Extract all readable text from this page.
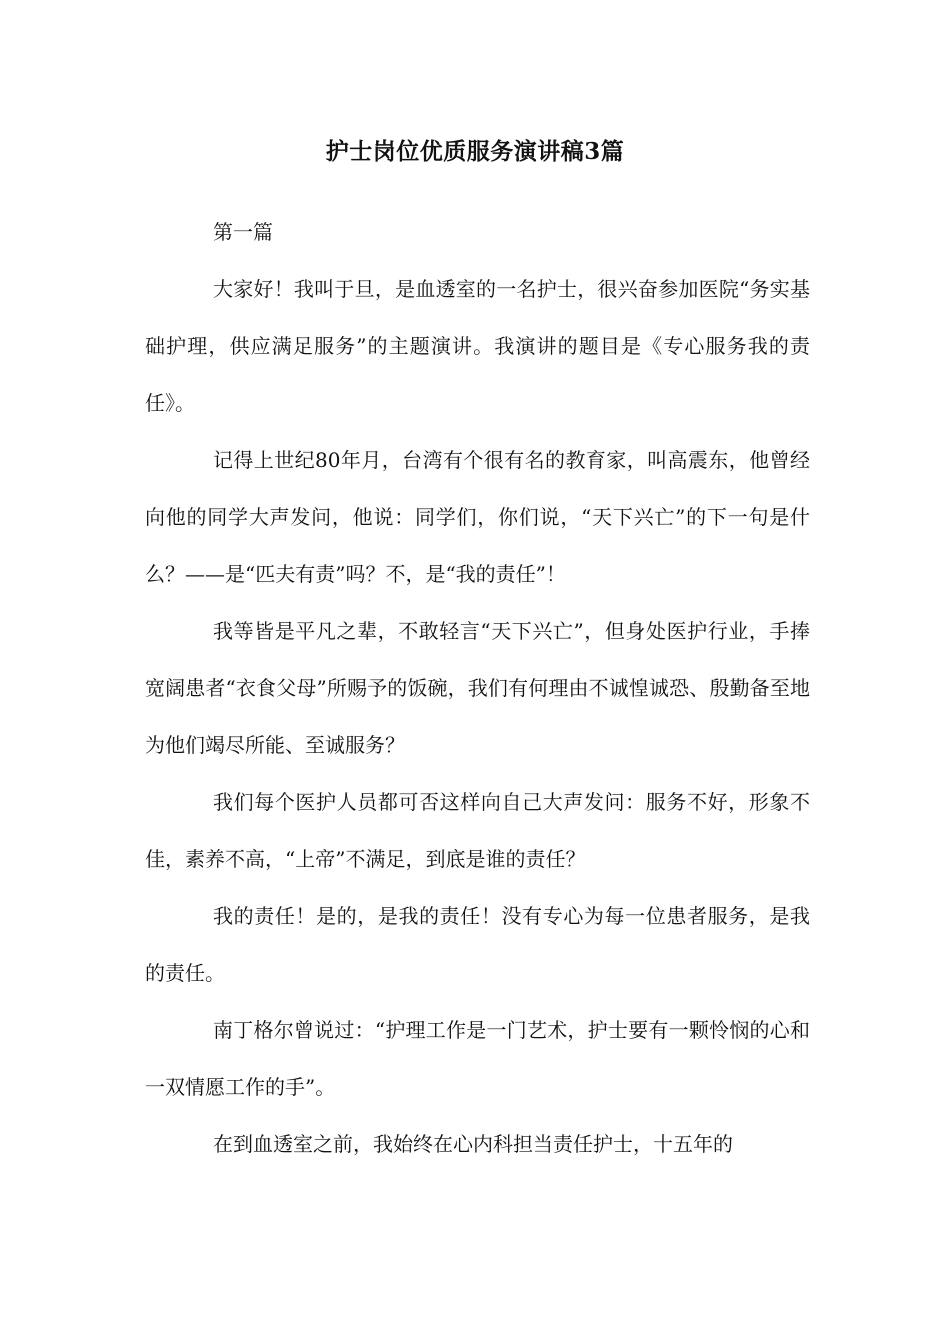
护士岗位优质服务演讲稿3篇

第一篇

大家好！我叫于旦，是血透室的一名护士，很兴奋参加医院“务实基础护理，供应满足服务”的主题演讲。我演讲的题目是《专心服务我的责任》。

记得上世纪80年月，台湾有个很有名的教育家，叫高震东，他曾经向他的同学大声发问，他说：同学们，你们说，“天下兴亡”的下一句是什么？——是“匹夫有责”吗？不，是“我的责任”！

我等皆是平凡之辈，不敢轻言“天下兴亡”，但身处医护行业，手捧宽阔患者“衣食父母”所赐予的饭碗，我们有何理由不诚惶诚恐、殷勤备至地为他们竭尽所能、至诚服务？

我们每个医护人员都可否这样向自己大声发问：服务不好，形象不佳，素养不高，“上帝”不满足，到底是谁的责任？

我的责任！是的，是我的责任！没有专心为每一位患者服务，是我的责任。

南丁格尔曾说过：“护理工作是一门艺术，护士要有一颗怜悯的心和一双情愿工作的手”。

在到血透室之前，我始终在心内科担当责任护士，十五年的
